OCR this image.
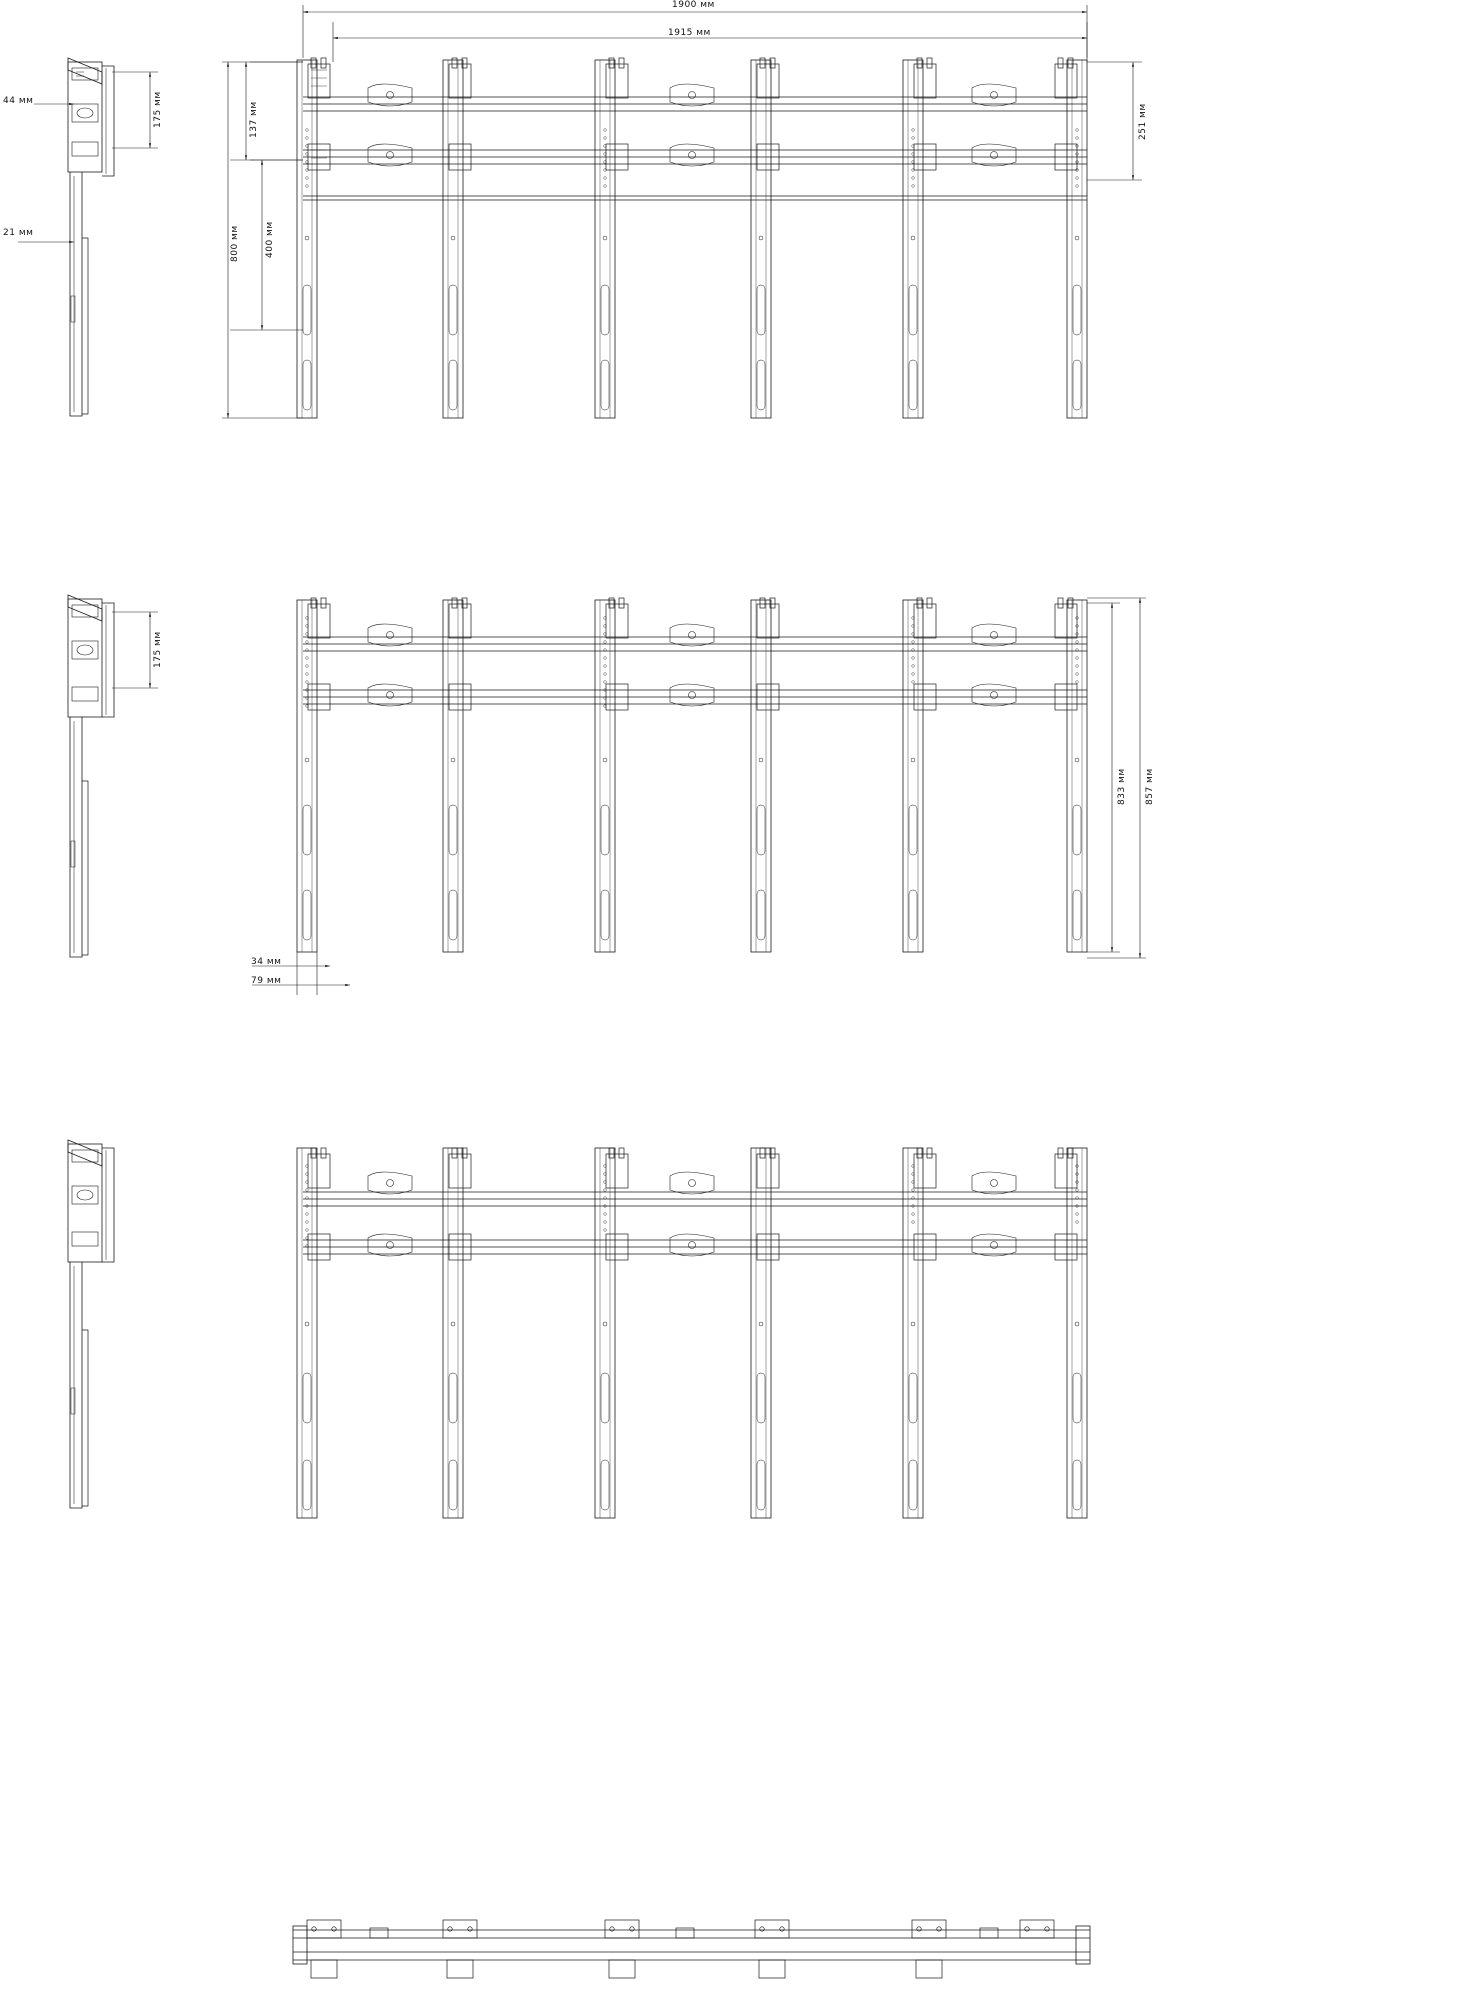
1900 мм
1915 мм
251 мм
137 мм
400 мм
800 мм
175 мм
44 мм
21 мм
175 мм
833 мм 857 мм
34 мм
79 мм
